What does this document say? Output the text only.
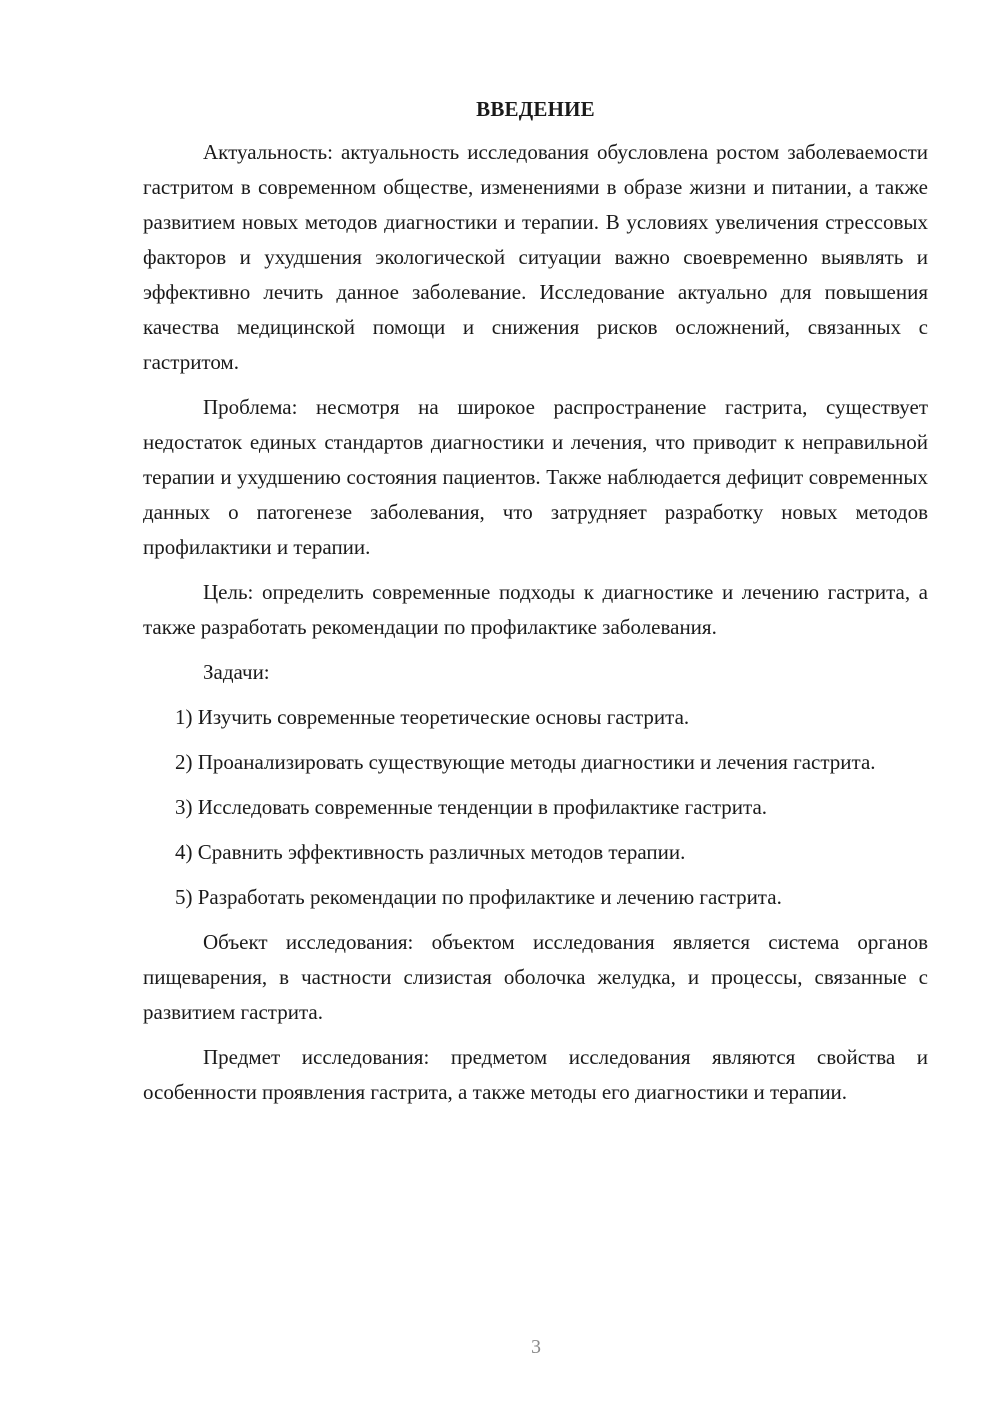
ВВЕДЕНИЕ

Актуальность: актуальность исследования обусловлена ростом заболеваемости гастритом в современном обществе, изменениями в образе жизни и питании, а также развитием новых методов диагностики и терапии. В условиях увеличения стрессовых факторов и ухудшения экологической ситуации важно своевременно выявлять и эффективно лечить данное заболевание. Исследование актуально для повышения качества медицинской помощи и снижения рисков осложнений, связанных с гастритом.

Проблема: несмотря на широкое распространение гастрита, существует недостаток единых стандартов диагностики и лечения, что приводит к неправильной терапии и ухудшению состояния пациентов. Также наблюдается дефицит современных данных о патогенезе заболевания, что затрудняет разработку новых методов профилактики и терапии.

Цель: определить современные подходы к диагностике и лечению гастрита, а также разработать рекомендации по профилактике заболевания.

Задачи:

1) Изучить современные теоретические основы гастрита.

2) Проанализировать существующие методы диагностики и лечения гастрита.

3) Исследовать современные тенденции в профилактике гастрита.

4) Сравнить эффективность различных методов терапии.

5) Разработать рекомендации по профилактике и лечению гастрита.

Объект исследования: объектом исследования является система органов пищеварения, в частности слизистая оболочка желудка, и процессы, связанные с развитием гастрита.

Предмет исследования: предметом исследования являются свойства и особенности проявления гастрита, а также методы его диагностики и терапии.

3
